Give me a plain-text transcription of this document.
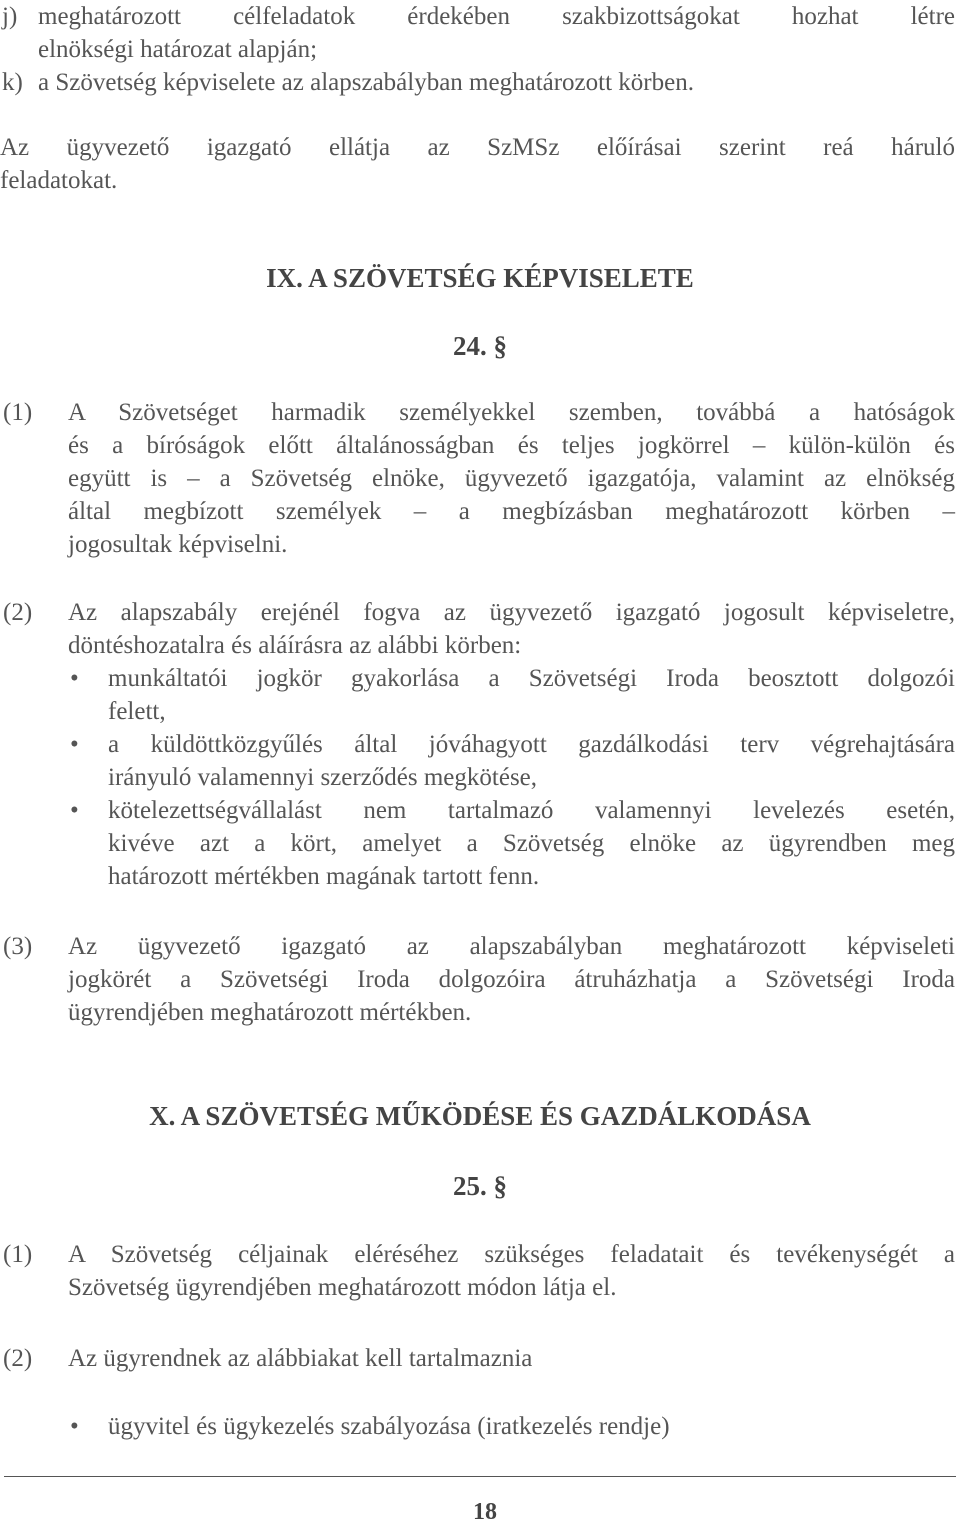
j) meghatározott célfeladatok érdekében szakbizottságokat hozhat létre
elnökségi határozat alapján;
k) a Szövetség képviselete az alapszabályban meghatározott körben.
Az ügyvezető igazgató ellátja az SzMSz előírásai szerint reá háruló
feladatokat.
IX. A SZÖVETSÉG KÉPVISELETE
24. §
(1) A Szövetséget harmadik személyekkel szemben, továbbá a hatóságok
és a bíróságok előtt általánosságban és teljes jogkörrel – külön-külön és
együtt is – a Szövetség elnöke, ügyvezető igazgatója, valamint az elnökség
által megbízott személyek – a megbízásban meghatározott körben –
jogosultak képviselni.
(2) Az alapszabály erejénél fogva az ügyvezető igazgató jogosult képviseletre,
döntéshozatalra és aláírásra az alábbi körben:
• munkáltatói jogkör gyakorlása a Szövetségi Iroda beosztott dolgozói
felett,
• a küldöttközgyűlés által jóváhagyott gazdálkodási terv végrehajtására
irányuló valamennyi szerződés megkötése,
• kötelezettségvállalást nem tartalmazó valamennyi levelezés esetén,
kivéve azt a kört, amelyet a Szövetség elnöke az ügyrendben meg
határozott mértékben magának tartott fenn.
(3) Az ügyvezető igazgató az alapszabályban meghatározott képviseleti
jogkörét a Szövetségi Iroda dolgozóira átruházhatja a Szövetségi Iroda
ügyrendjében meghatározott mértékben.
X. A SZÖVETSÉG MŰKÖDÉSE ÉS GAZDÁLKODÁSA
25. §
(1) A Szövetség céljainak eléréséhez szükséges feladatait és tevékenységét a
Szövetség ügyrendjében meghatározott módon látja el.
(2) Az ügyrendnek az alábbiakat kell tartalmaznia
• ügyvitel és ügykezelés szabályozása (iratkezelés rendje)
18
